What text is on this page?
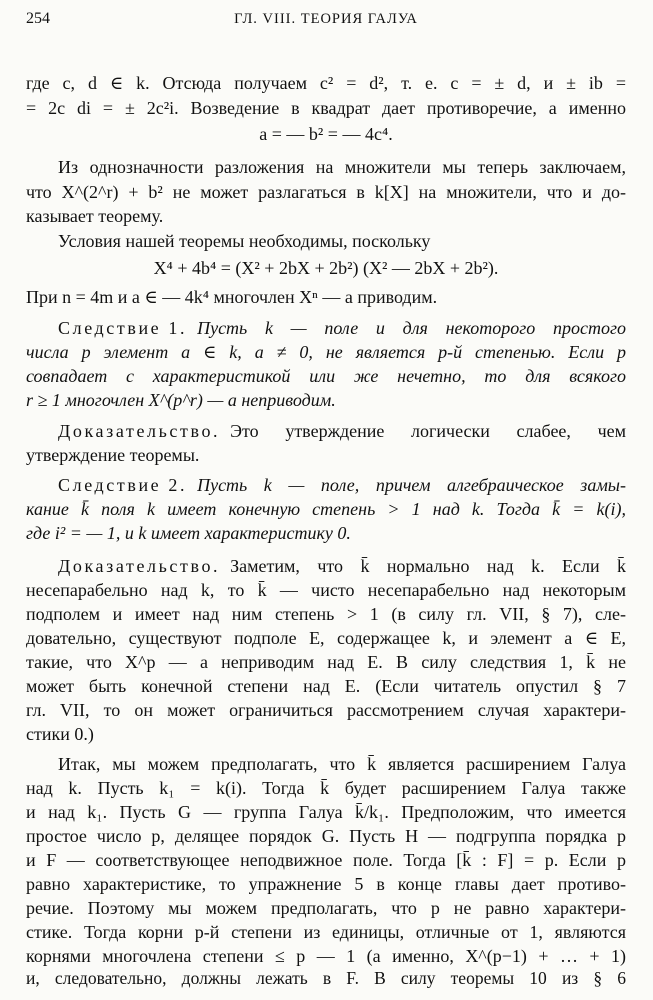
254	ГЛ. VIII. ТЕОРИЯ ГАЛУА
где c, d ∈ k. Отсюда получаем c² = d², т. е. c = ± d, и ± ib =
= 2c di = ± 2c²i. Возведение в квадрат дает противоречие, а именно
a = — b² = — 4c⁴.
Из однозначности разложения на множители мы теперь заключаем,
что X^(2^r) + b² не может разлагаться в k[X] на множители, что и до-
казывает теорему.
Условия нашей теоремы необходимы, поскольку
X⁴ + 4b⁴ = (X² + 2bX + 2b²) (X² — 2bX + 2b²).
При n = 4m и a ∈ — 4k⁴ многочлен Xⁿ — a приводим.
Следствие 1. Пусть k — поле и для некоторого простого
числа p элемент a ∈ k, a ≠ 0, не является p-й степенью. Если p
совпадает с характеристикой или же нечетно, то для всякого
r ≥ 1 многочлен X^(p^r) — a неприводим.
Доказательство. Это утверждение логически слабее, чем
утверждение теоремы.
Следствие 2. Пусть k — поле, причем алгебраическое замы-
кание k̄ поля k имеет конечную степень > 1 над k. Тогда k̄ = k(i),
где i² = — 1, и k имеет характеристику 0.
Доказательство. Заметим, что k̄ нормально над k. Если k̄
несепарабельно над k, то k̄ — чисто несепарабельно над некоторым
подполем и имеет над ним степень > 1 (в силу гл. VII, § 7), сле-
довательно, существуют подполе E, содержащее k, и элемент a ∈ E,
такие, что X^p — a неприводим над E. В силу следствия 1, k̄ не
может быть конечной степени над E. (Если читатель опустил § 7
гл. VII, то он может ограничиться рассмотрением случая характери-
стики 0.)
Итак, мы можем предполагать, что k̄ является расширением Галуа
над k. Пусть k₁ = k(i). Тогда k̄ будет расширением Галуа также
и над k₁. Пусть G — группа Галуа k̄/k₁. Предположим, что имеется
простое число p, делящее порядок G. Пусть H — подгруппа порядка p
и F — соответствующее неподвижное поле. Тогда [k̄ : F] = p. Если p
равно характеристике, то упражнение 5 в конце главы дает противо-
речие. Поэтому мы можем предполагать, что p не равно характери-
стике. Тогда корни p-й степени из единицы, отличные от 1, являются
корнями многочлена степени ≤ p — 1 (а именно, X^(p−1) + … + 1)
и, следовательно, должны лежать в F. В силу теоремы 10 из § 6
